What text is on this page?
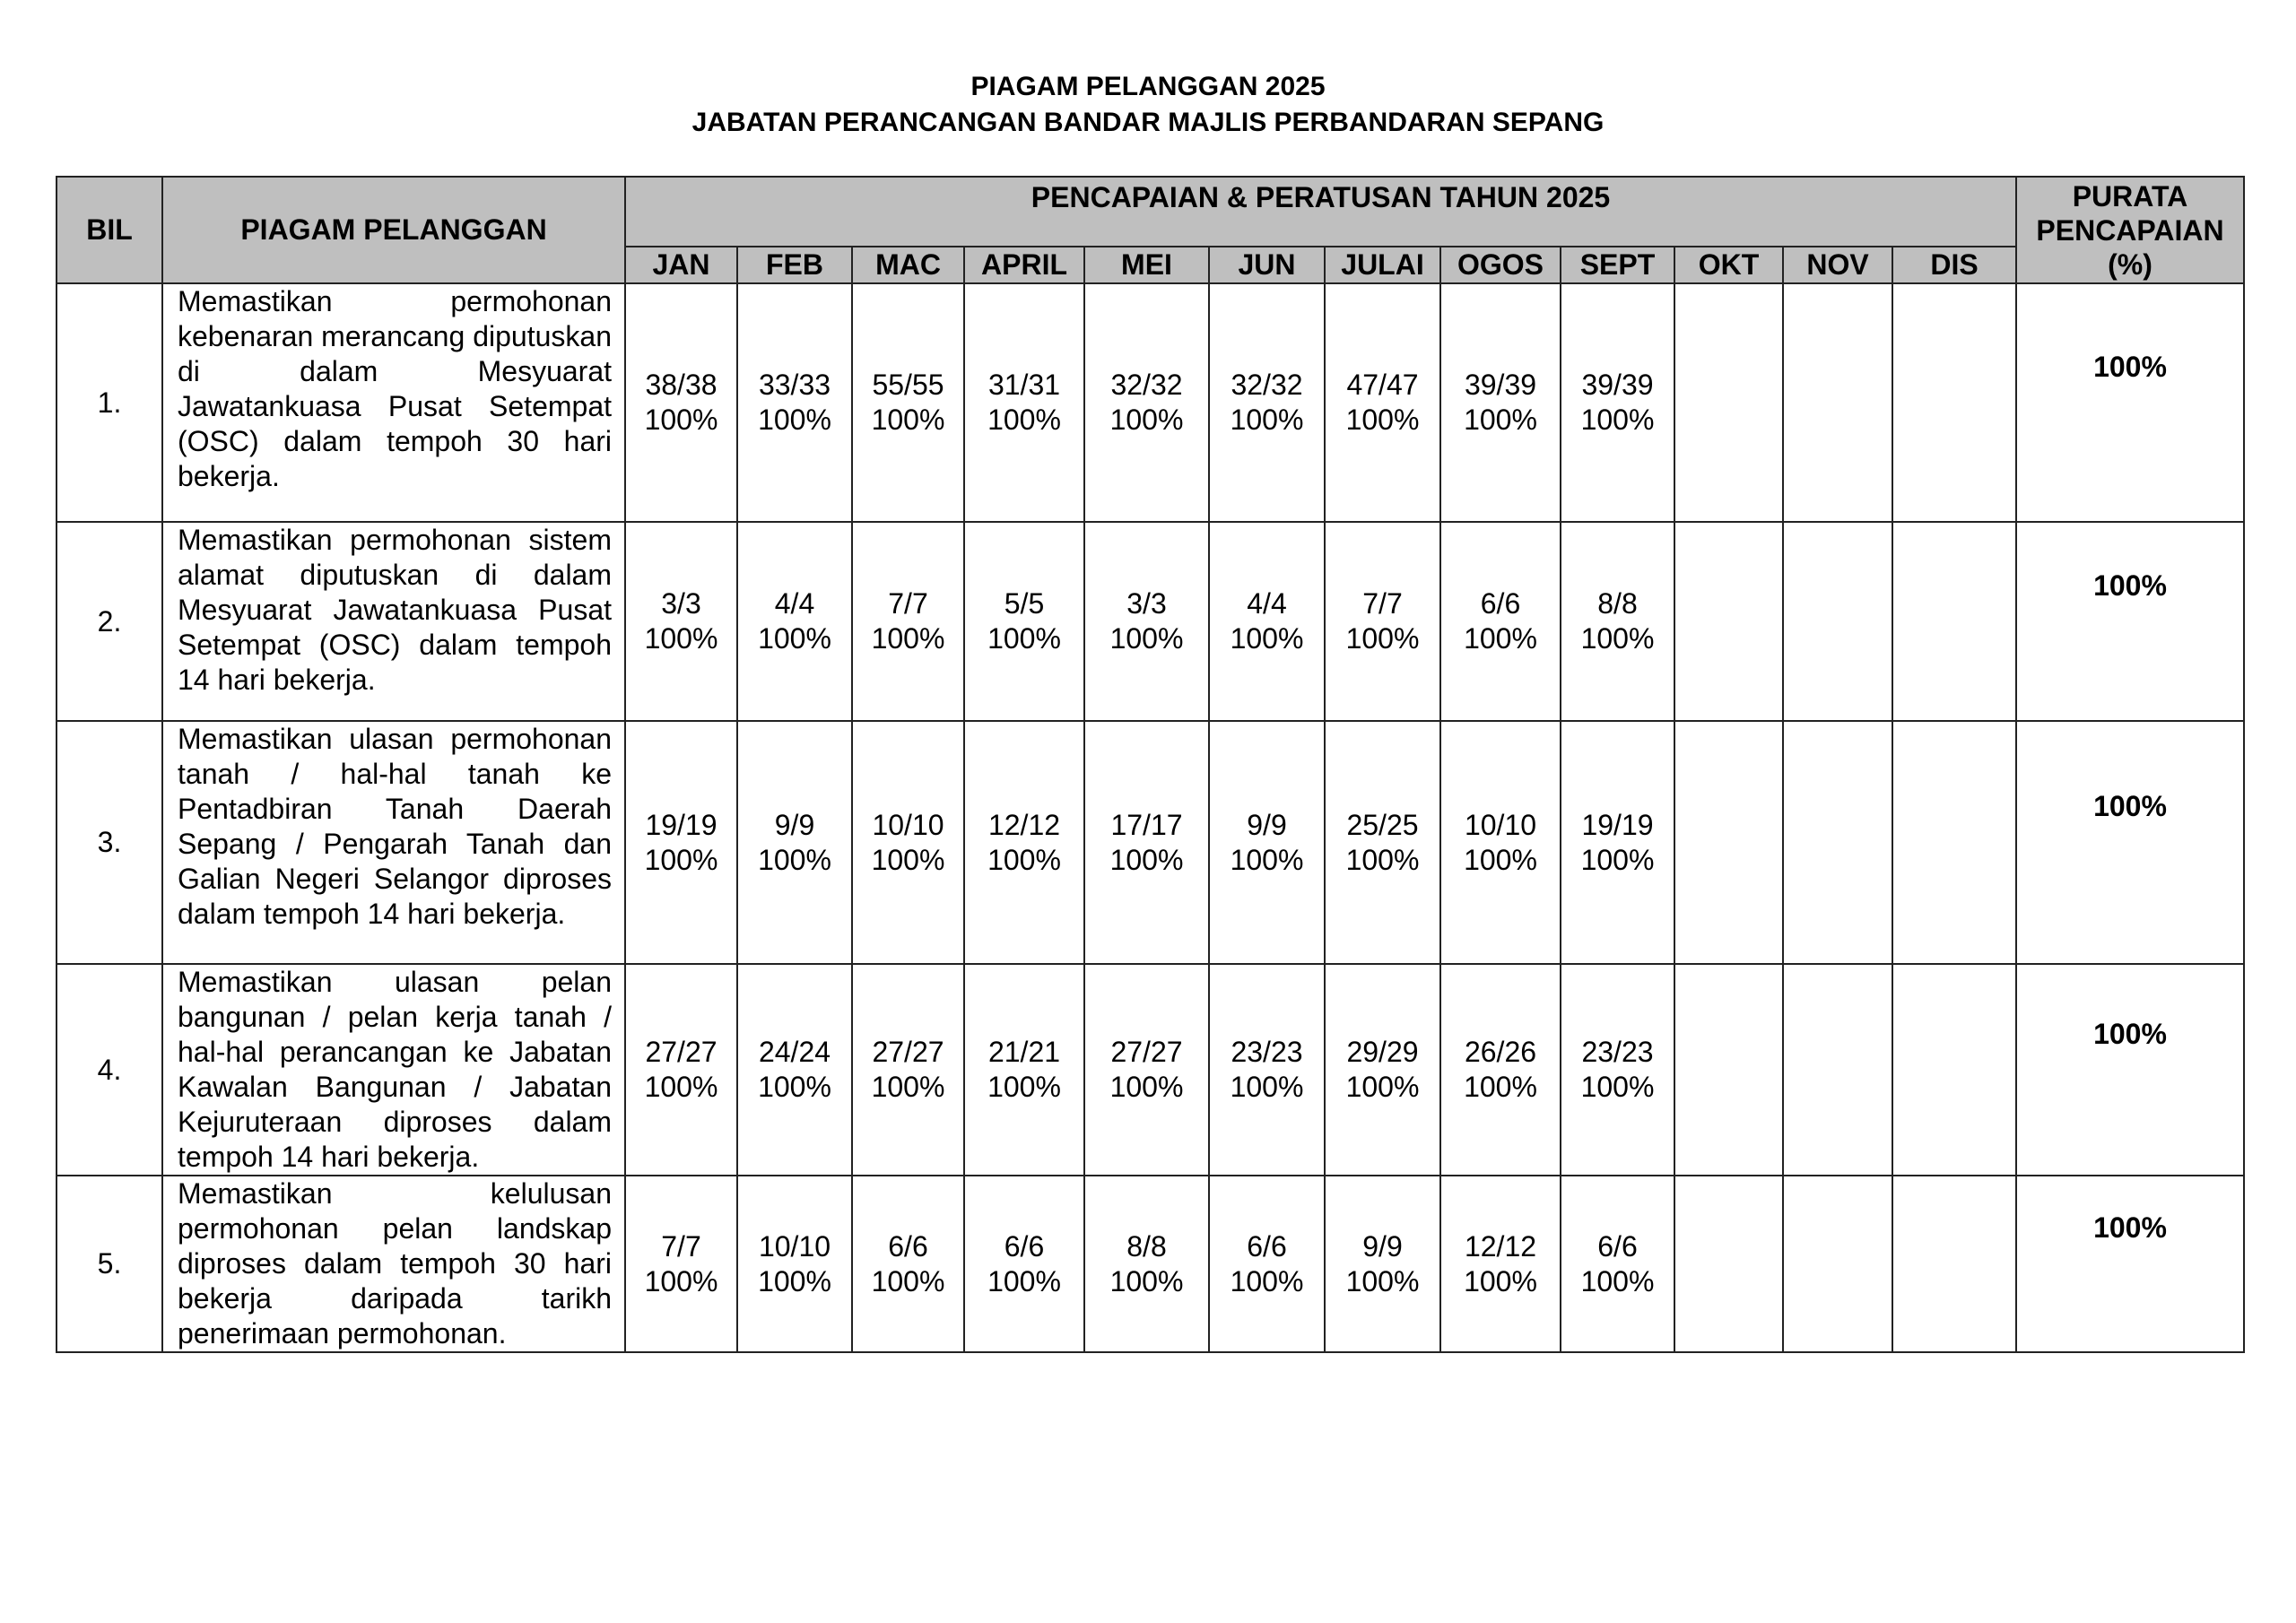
PIAGAM PELANGGAN 2025
JABATAN PERANCANGAN BANDAR MAJLIS PERBANDARAN SEPANG
BIL	PIAGAM PELANGGAN	PENCAPAIAN & PERATUSAN TAHUN 2025												PURATA PENCAPAIAN (%)
		JAN	FEB	MAC	APRIL	MEI	JUN	JULAI	OGOS	SEPT	OKT	NOV	DIS	
1.	Memastikan permohonan kebenaran merancang diputuskan di dalam Mesyuarat Jawatankuasa Pusat Setempat (OSC) dalam tempoh 30 hari bekerja.	38/38
100%	33/33
100%	55/55
100%	31/31
100%	32/32
100%	32/32
100%	47/47
100%	39/39
100%	39/39
100%				100%
2.	Memastikan permohonan sistem alamat diputuskan di dalam Mesyuarat Jawatankuasa Pusat Setempat (OSC) dalam tempoh 14 hari bekerja.	3/3
100%	4/4
100%	7/7
100%	5/5
100%	3/3
100%	4/4
100%	7/7
100%	6/6
100%	8/8
100%				100%
3.	Memastikan ulasan permohonan tanah / hal-hal tanah ke Pentadbiran Tanah Daerah Sepang / Pengarah Tanah dan Galian Negeri Selangor diproses dalam tempoh 14 hari bekerja.	19/19
100%	9/9
100%	10/10
100%	12/12
100%	17/17
100%	9/9
100%	25/25
100%	10/10
100%	19/19
100%				100%
4.	Memastikan ulasan pelan bangunan / pelan kerja tanah / hal-hal perancangan ke Jabatan Kawalan Bangunan / Jabatan Kejuruteraan diproses dalam tempoh 14 hari bekerja.	27/27
100%	24/24
100%	27/27
100%	21/21
100%	27/27
100%	23/23
100%	29/29
100%	26/26
100%	23/23
100%				100%
5.	Memastikan kelulusan permohonan pelan landskap diproses dalam tempoh 30 hari bekerja daripada tarikh penerimaan permohonan.	7/7
100%	10/10
100%	6/6
100%	6/6
100%	8/8
100%	6/6
100%	9/9
100%	12/12
100%	6/6
100%				100%
